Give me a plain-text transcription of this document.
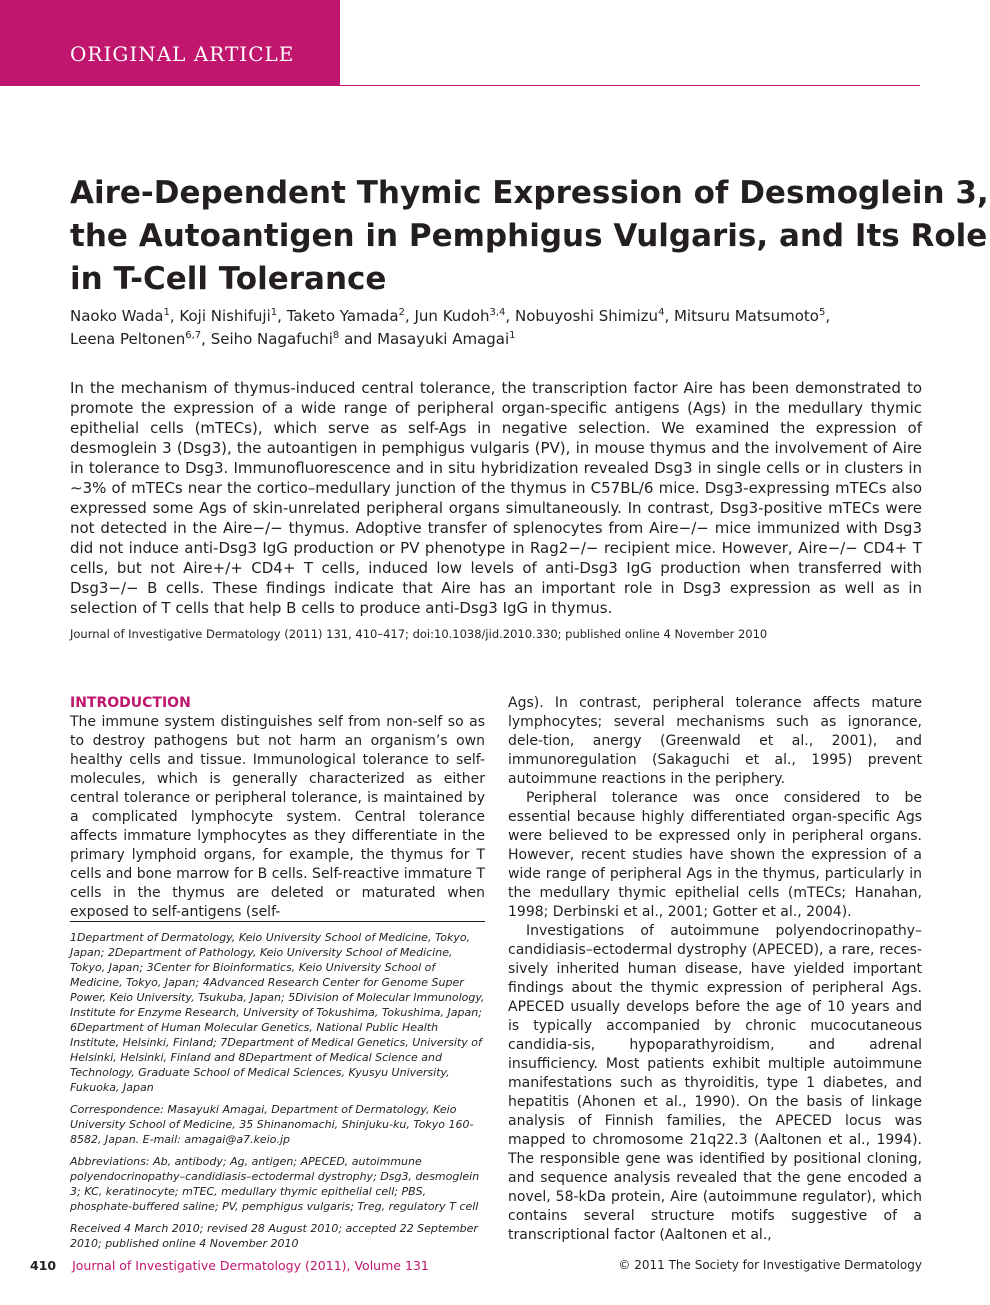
ORIGINAL ARTICLE
Aire-Dependent Thymic Expression of Desmoglein 3,
the Autoantigen in Pemphigus Vulgaris, and Its Role
in T-Cell Tolerance
Naoko Wada$^1$, Koji Nishifuji$^1$, Taketo Yamada$^2$, Jun Kudoh$^{3,4}$, Nobuyoshi Shimizu$^4$, Mitsuru Matsumoto$^5$,
Leena Peltonen$^{6,7}$, Seiho Nagafuchi$^8$ and Masayuki Amagai$^1$

In the mechanism of thymus-induced central tolerance, the transcription factor Aire has been demonstrated to promote the expression of a wide range of peripheral organ-specific antigens (Ags) in the medullary thymic epithelial cells (mTECs), which serve as self-Ags in negative selection. We examined the expression of desmoglein 3 (Dsg3), the autoantigen in pemphigus vulgaris (PV), in mouse thymus and the involvement of Aire in tolerance to Dsg3. Immunofluorescence and in situ hybridization revealed Dsg3 in single cells or in clusters in ∼3% of mTECs near the cortico–medullary junction of the thymus in C57BL/6 mice. Dsg3-expressing mTECs also expressed some Ags of skin-unrelated peripheral organs simultaneously. In contrast, Dsg3-positive mTECs were not detected in the Aire−/− thymus. Adoptive transfer of splenocytes from Aire−/− mice immunized with Dsg3 did not induce anti-Dsg3 IgG production or PV phenotype in Rag2−/− recipient mice. However, Aire−/− CD4+ T cells, but not Aire+/+ CD4+ T cells, induced low levels of anti-Dsg3 IgG production when transferred with Dsg3−/− B cells. These findings indicate that Aire has an important role in Dsg3 expression as well as in selection of T cells that help B cells to produce anti-Dsg3 IgG in thymus.

Journal of Investigative Dermatology (2011) 131, 410–417; doi:10.1038/jid.2010.330; published online 4 November 2010
INTRODUCTION

The immune system distinguishes self from non-self so as to destroy pathogens but not harm an organism’s own healthy cells and tissue. Immunological tolerance to self-molecules, which is generally characterized as either central tolerance or peripheral tolerance, is maintained by a complicated lymphocyte system. Central tolerance affects immature lymphocytes as they differentiate in the primary lymphoid organs, for example, the thymus for T cells and bone marrow for B cells. Self-reactive immature T cells in the thymus are deleted or maturated when exposed to self-antigens (self-

1Department of Dermatology, Keio University School of Medicine, Tokyo, Japan; 2Department of Pathology, Keio University School of Medicine, Tokyo, Japan; 3Center for Bioinformatics, Keio University School of Medicine, Tokyo, Japan; 4Advanced Research Center for Genome Super Power, Keio University, Tsukuba, Japan; 5Division of Molecular Immunology, Institute for Enzyme Research, University of Tokushima, Tokushima, Japan; 6Department of Human Molecular Genetics, National Public Health Institute, Helsinki, Finland; 7Department of Medical Genetics, University of Helsinki, Helsinki, Finland and 8Department of Medical Science and Technology, Graduate School of Medical Sciences, Kyusyu University, Fukuoka, Japan

Correspondence: Masayuki Amagai, Department of Dermatology, Keio University School of Medicine, 35 Shinanomachi, Shinjuku-ku, Tokyo 160-8582, Japan. E-mail: amagai@a7.keio.jp

Abbreviations: Ab, antibody; Ag, antigen; APECED, autoimmune polyendocrinopathy–candidiasis–ectodermal dystrophy; Dsg3, desmoglein 3; KC, keratinocyte; mTEC, medullary thymic epithelial cell; PBS, phosphate-buffered saline; PV, pemphigus vulgaris; Treg, regulatory T cell

Received 4 March 2010; revised 28 August 2010; accepted 22 September 2010; published online 4 November 2010

Ags). In contrast, peripheral tolerance affects mature lymphocytes; several mechanisms such as ignorance, dele-tion, anergy (Greenwald et al., 2001), and immunoregulation (Sakaguchi et al., 1995) prevent autoimmune reactions in the periphery.

Peripheral tolerance was once considered to be essential because highly differentiated organ-specific Ags were believed to be expressed only in peripheral organs. However, recent studies have shown the expression of a wide range of peripheral Ags in the thymus, particularly in the medullary thymic epithelial cells (mTECs; Hanahan, 1998; Derbinski et al., 2001; Gotter et al., 2004).

Investigations of autoimmune polyendocrinopathy–candidiasis–ectodermal dystrophy (APECED), a rare, reces-sively inherited human disease, have yielded important findings about the thymic expression of peripheral Ags. APECED usually develops before the age of 10 years and is typically accompanied by chronic mucocutaneous candidia-sis, hypoparathyroidism, and adrenal insufficiency. Most patients exhibit multiple autoimmune manifestations such as thyroiditis, type 1 diabetes, and hepatitis (Ahonen et al., 1990). On the basis of linkage analysis of Finnish families, the APECED locus was mapped to chromosome 21q22.3 (Aaltonen et al., 1994). The responsible gene was identified by positional cloning, and sequence analysis revealed that the gene encoded a novel, 58-kDa protein, Aire (autoimmune regulator), which contains several structure motifs suggestive of a transcriptional factor (Aaltonen et al.,

410 Journal of Investigative Dermatology (2011), Volume 131	© 2011 The Society for Investigative Dermatology
